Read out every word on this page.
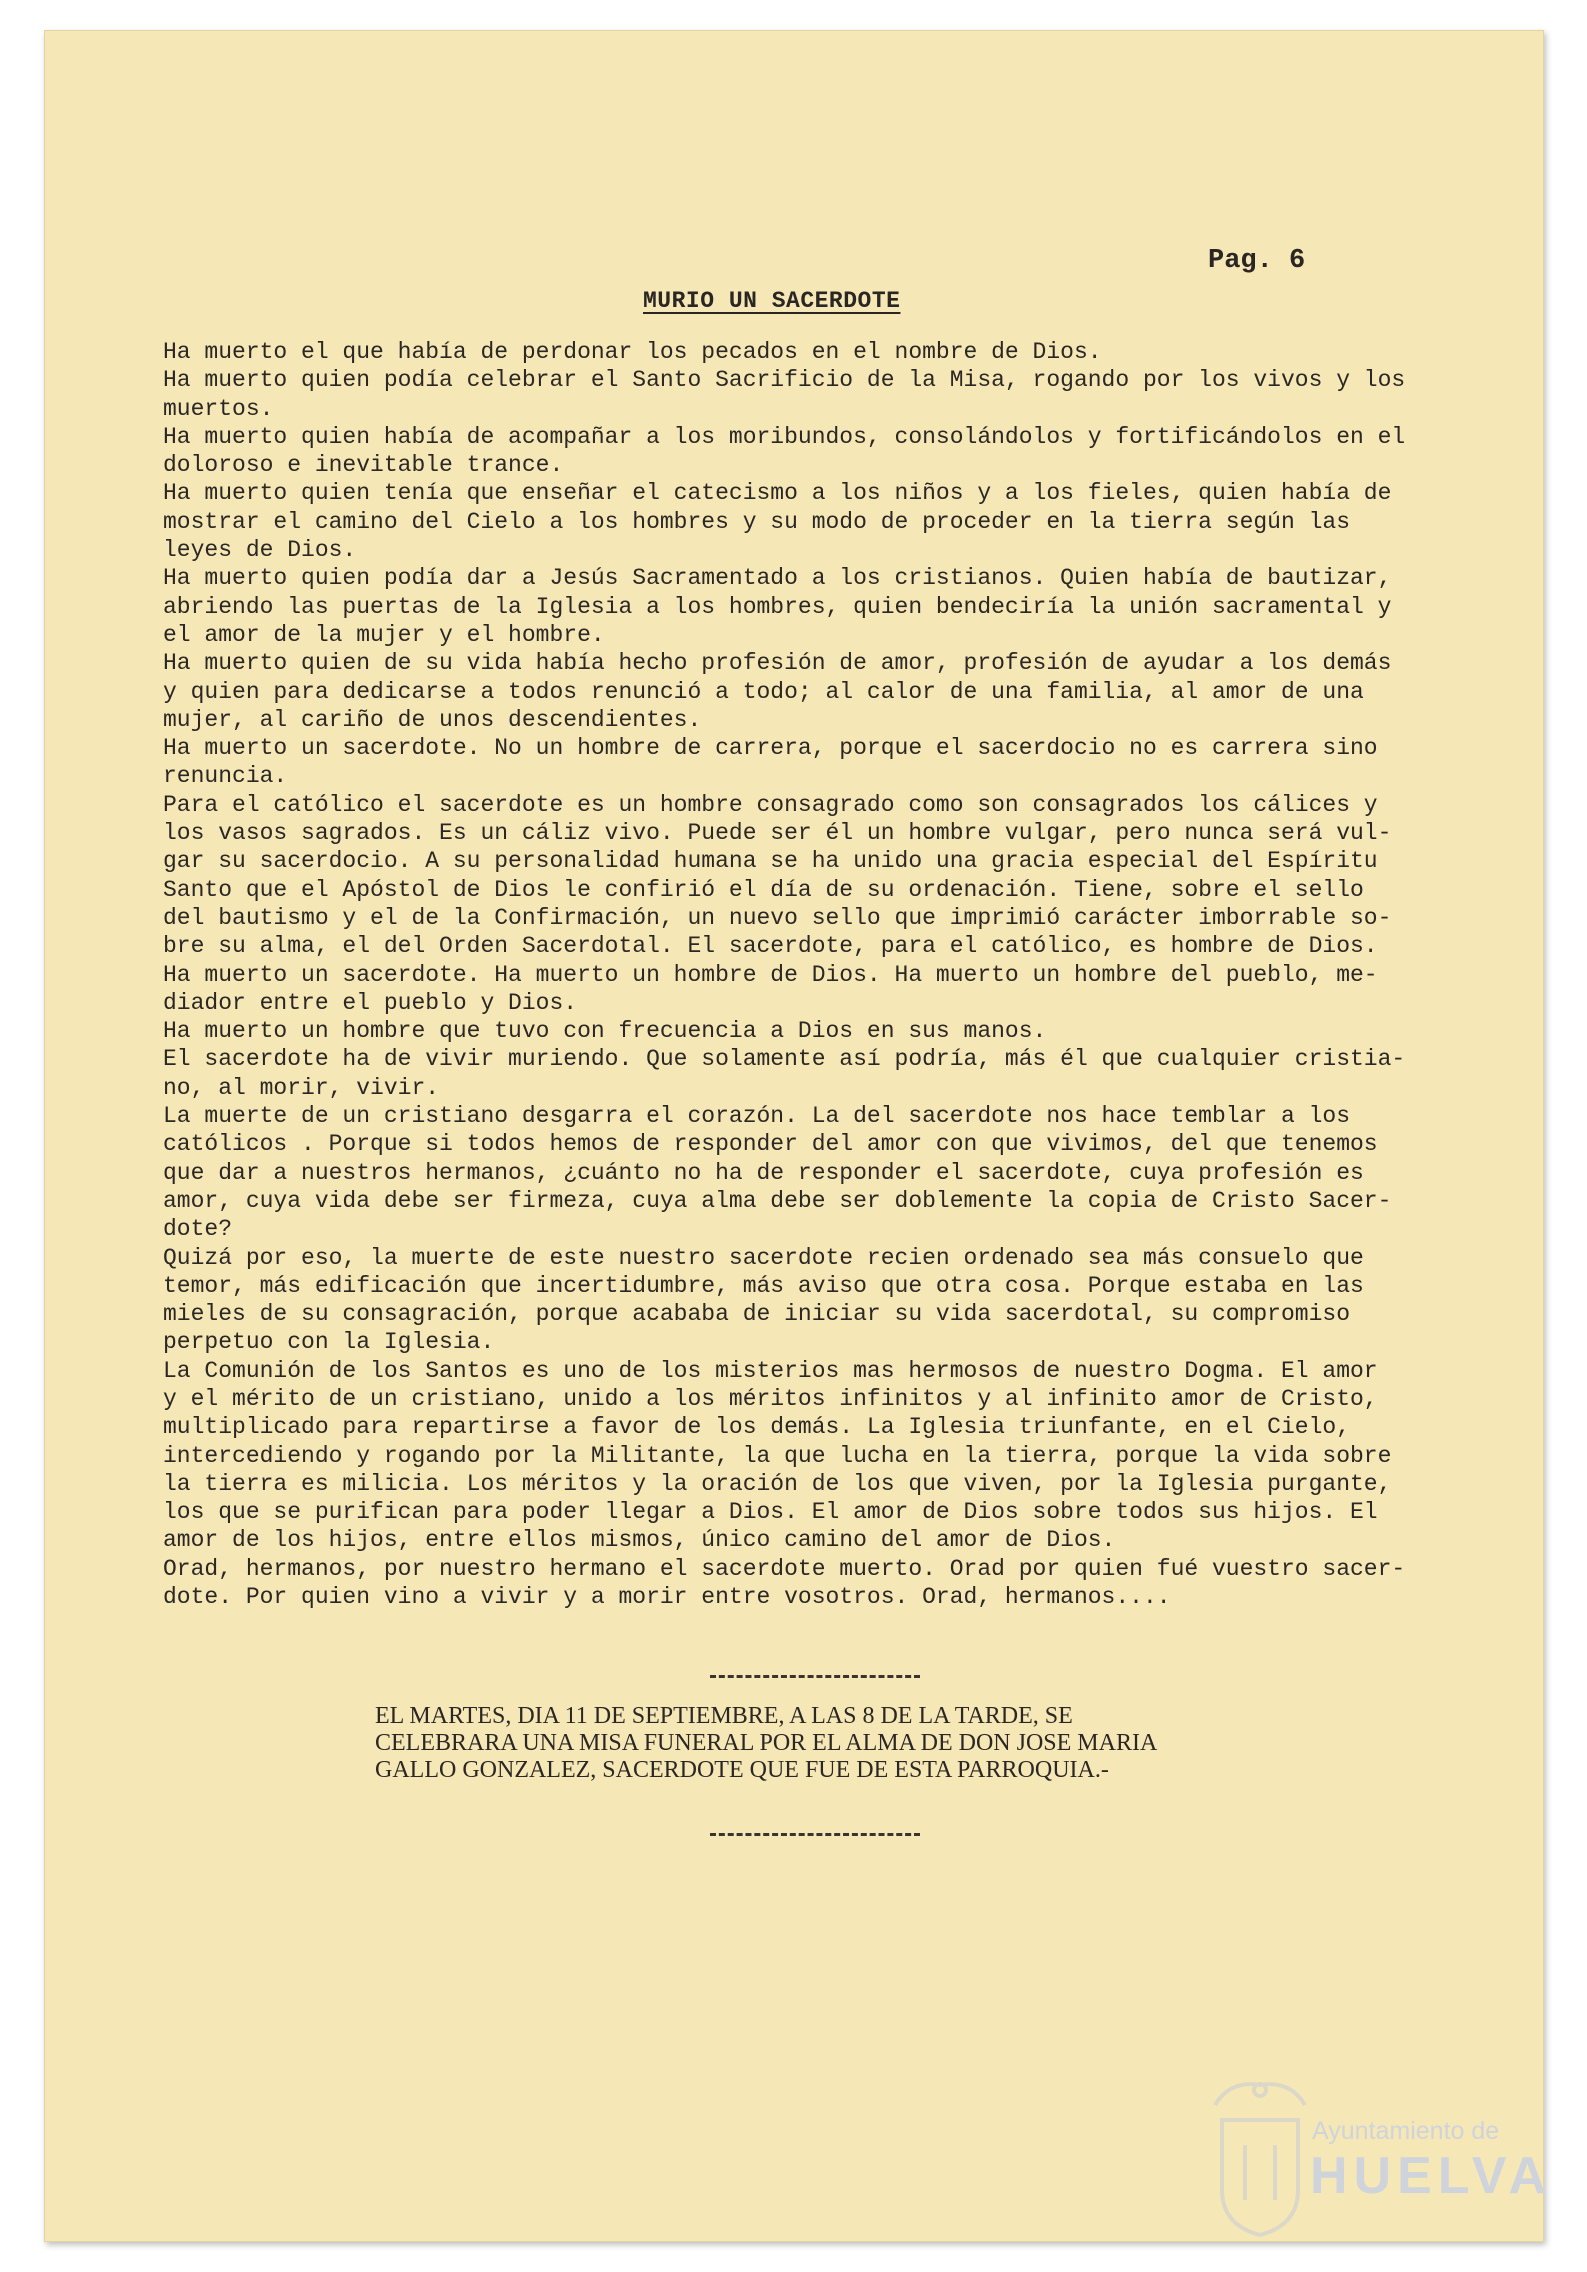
Pag. 6
MURIO UN SACERDOTE
Ha muerto el que había de perdonar los pecados en el nombre de Dios.
Ha muerto quien podía celebrar el Santo Sacrificio de la Misa, rogando por los vivos y los
muertos.
Ha muerto quien había de acompañar a los moribundos, consolándolos y fortificándolos en el
doloroso e inevitable trance.
Ha muerto quien tenía que enseñar el catecismo a los niños y a los fieles, quien había de
mostrar el camino del Cielo a los hombres y su modo de proceder en la tierra según las
leyes de Dios.
Ha muerto quien podía dar a Jesús Sacramentado a los cristianos. Quien había de bautizar,
abriendo las puertas de la Iglesia a los hombres, quien bendeciría la unión sacramental y
el amor de la mujer y el hombre.
Ha muerto quien de su vida había hecho profesión de amor, profesión de ayudar a los demás
y quien para dedicarse a todos renunció a todo; al calor de una familia, al amor de una
mujer, al cariño de unos descendientes.
Ha muerto un sacerdote. No un hombre de carrera, porque el sacerdocio no es carrera sino
renuncia.
Para el católico el sacerdote es un hombre consagrado como son consagrados los cálices y
los vasos sagrados. Es un cáliz vivo. Puede ser él un hombre vulgar, pero nunca será vul-
gar su sacerdocio. A su personalidad humana se ha unido una gracia especial del Espíritu
Santo que el Apóstol de Dios le confirió el día de su ordenación. Tiene, sobre el sello
del bautismo y el de la Confirmación, un nuevo sello que imprimió carácter imborrable so-
bre su alma, el del Orden Sacerdotal. El sacerdote, para el católico, es hombre de Dios.
Ha muerto un sacerdote. Ha muerto un hombre de Dios. Ha muerto un hombre del pueblo, me-
diador entre el pueblo y Dios.
Ha muerto un hombre que tuvo con frecuencia a Dios en sus manos.
El sacerdote ha de vivir muriendo. Que solamente así podría, más él que cualquier cristia-
no, al morir, vivir.
La muerte de un cristiano desgarra el corazón. La del sacerdote nos hace temblar a los
católicos . Porque si todos hemos de responder del amor con que vivimos, del que tenemos
que dar a nuestros hermanos, ¿cuánto no ha de responder el sacerdote, cuya profesión es
amor, cuya vida debe ser firmeza, cuya alma debe ser doblemente la copia de Cristo Sacer-
dote?
Quizá por eso, la muerte de este nuestro sacerdote recien ordenado sea más consuelo que
temor, más edificación que incertidumbre, más aviso que otra cosa. Porque estaba en las
mieles de su consagración, porque acababa de iniciar su vida sacerdotal, su compromiso
perpetuo con la Iglesia.
La Comunión de los Santos es uno de los misterios mas hermosos de nuestro Dogma. El amor
y el mérito de un cristiano, unido a los méritos infinitos y al infinito amor de Cristo,
multiplicado para repartirse a favor de los demás. La Iglesia triunfante, en el Cielo,
intercediendo y rogando por la Militante, la que lucha en la tierra, porque la vida sobre
la tierra es milicia. Los méritos y la oración de los que viven, por la Iglesia purgante,
los que se purifican para poder llegar a Dios. El amor de Dios sobre todos sus hijos. El
amor de los hijos, entre ellos mismos, único camino del amor de Dios.
Orad, hermanos, por nuestro hermano el sacerdote muerto. Orad por quien fué vuestro sacer-
dote. Por quien vino a vivir y a morir entre vosotros. Orad, hermanos....
EL MARTES, DIA 11 DE SEPTIEMBRE, A LAS 8 DE LA TARDE, SE
CELEBRARA UNA MISA FUNERAL POR EL ALMA DE DON JOSE MARIA
GALLO GONZALEZ, SACERDOTE QUE FUE DE ESTA PARROQUIA.-
Ayuntamiento de
HUELVA
